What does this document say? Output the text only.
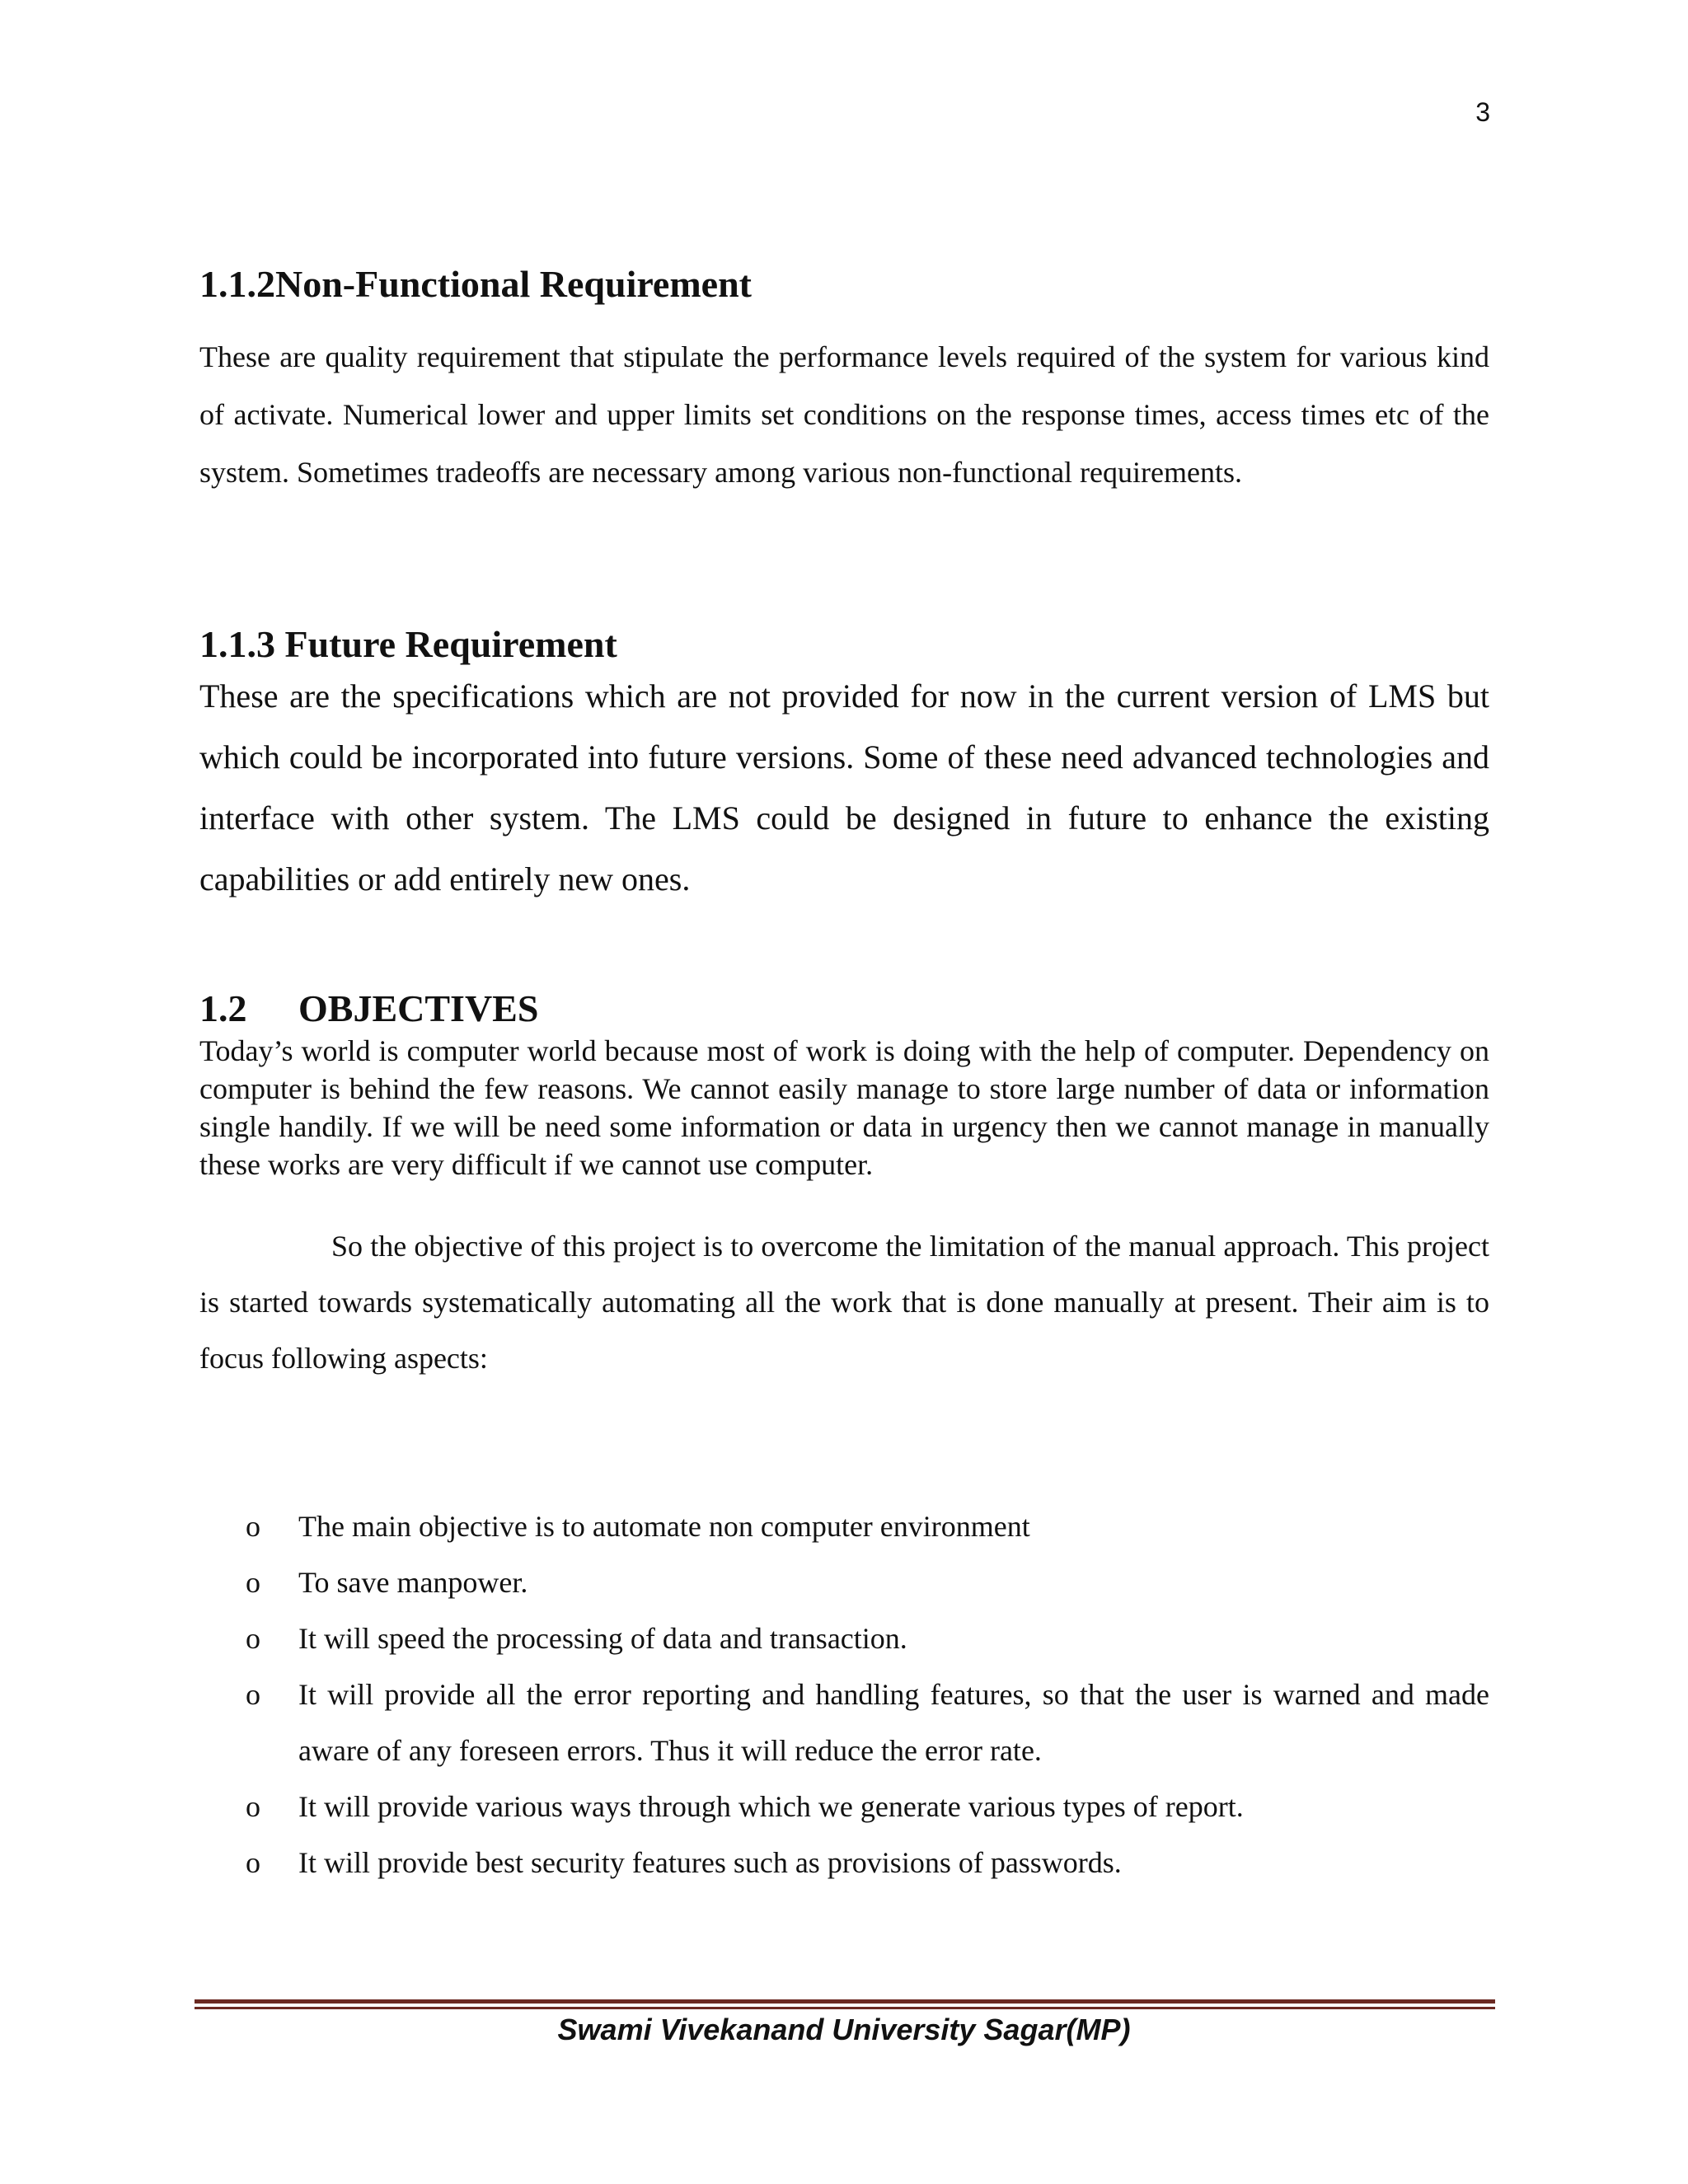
3
1.1.2Non-Functional Requirement

These are quality requirement that stipulate the performance levels required of the system for various kind of activate. Numerical lower and upper limits set conditions on the response times, access times etc of the system. Sometimes tradeoffs are necessary among various non-functional requirements.

1.1.3 Future Requirement

These are the specifications which are not provided for now in the current version of LMS but which could be incorporated into future versions. Some of these need advanced technologies and interface with other system. The LMS could be designed in future to enhance the existing capabilities or add entirely new ones.

1.2 OBJECTIVES

Today’s world is computer world because most of work is doing with the help of computer. Dependency on computer is behind the few reasons. We cannot easily manage to store large number of data or information single handily. If we will be need some information or data in urgency then we cannot manage in manually these works are very difficult if we cannot use computer.

So the objective of this project is to overcome the limitation of the manual approach. This project is started towards systematically automating all the work that is done manually at present. Their aim is to focus following aspects:

o The main objective is to automate non computer environment
o To save manpower.
o It will speed the processing of data and transaction.
o It will provide all the error reporting and handling features, so that the user is warned and made aware of any foreseen errors. Thus it will reduce the error rate.
o It will provide various ways through which we generate various types of report.
o It will provide best security features such as provisions of passwords.
Swami Vivekanand University Sagar(MP)
